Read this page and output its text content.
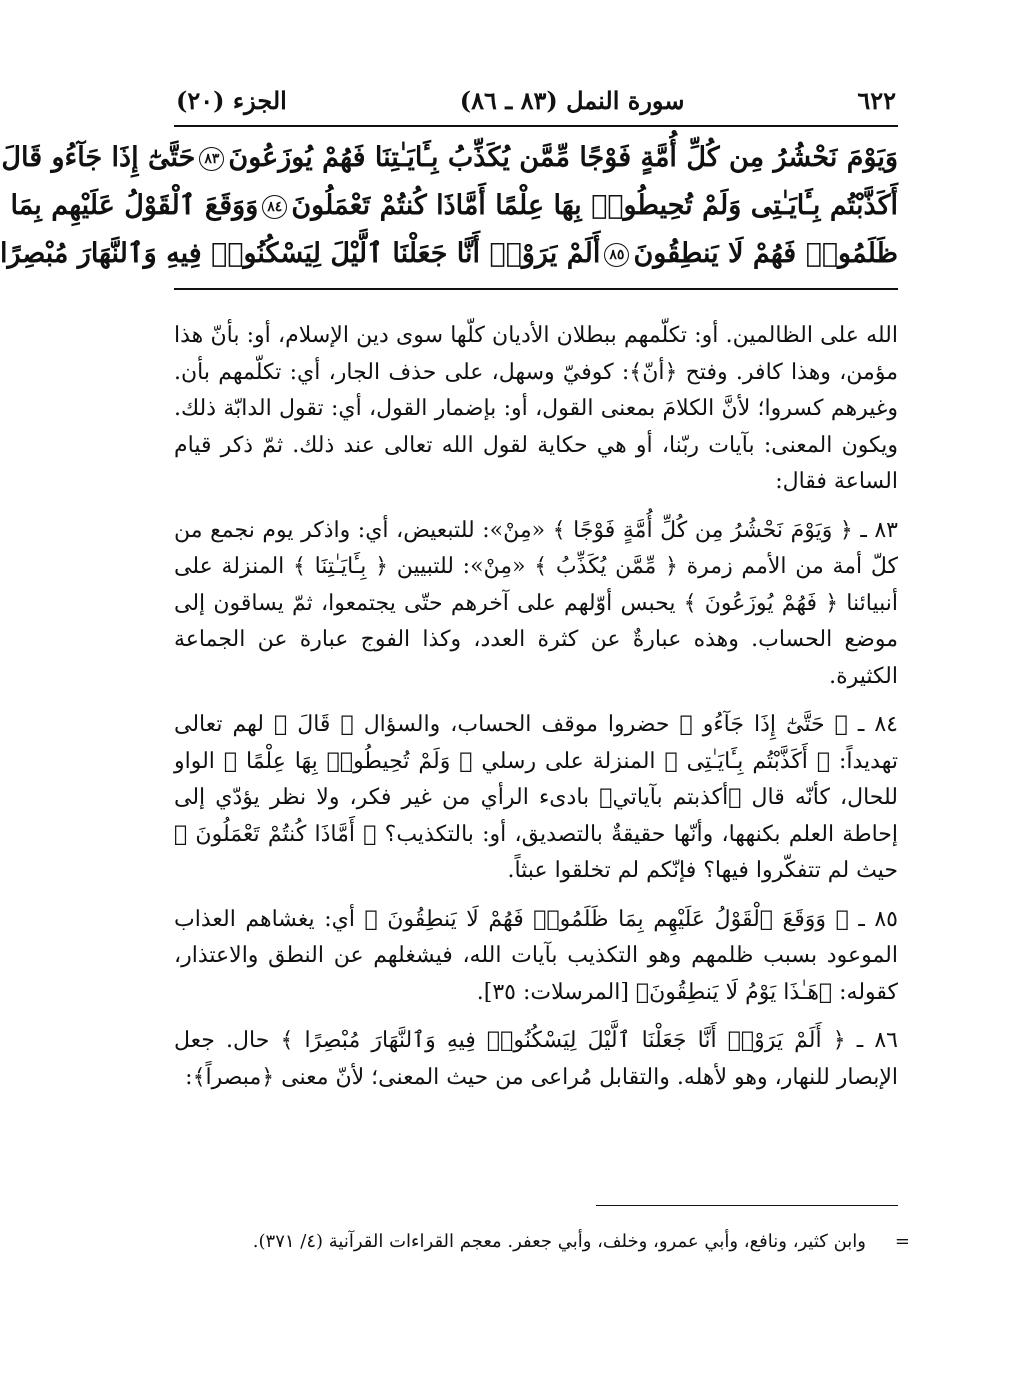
٦٢٢
سورة النمل (٨٣ ـ ٨٦)
الجزء (٢٠)
وَيَوْمَ نَحْشُرُ مِن كُلِّ أُمَّةٍ فَوْجًا مِّمَّن يُكَذِّبُ بِـَٔايَـٰتِنَا فَهُمْ يُوزَعُونَ٨٣حَتَّىٰٓ إِذَا جَآءُو قَالَ
أَكَذَّبْتُم بِـَٔايَـٰتِى وَلَمْ تُحِيطُوا۟ بِهَا عِلْمًا أَمَّاذَا كُنتُمْ تَعْمَلُونَ٨٤وَوَقَعَ ٱلْقَوْلُ عَلَيْهِم بِمَا
ظَلَمُوا۟ فَهُمْ لَا يَنطِقُونَ٨٥أَلَمْ يَرَوْا۟ أَنَّا جَعَلْنَا ٱلَّيْلَ لِيَسْكُنُوا۟ فِيهِ وَٱلنَّهَارَ مُبْصِرًا

الله على الظالمين. أو: تكلّمهم ببطلان الأديان كلّها سوى دين الإسلام، أو: بأنّ هذا مؤمن، وهذا كافر. وفتح ﴿أنّ﴾: كوفيّ وسهل، على حذف الجار، أي: تكلّمهم بأن. وغيرهم كسروا؛ لأنَّ الكلامَ بمعنى القول، أو: بإضمار القول، أي: تقول الدابّة ذلك. ويكون المعنى: بآيات ربّنا، أو هي حكاية لقول الله تعالى عند ذلك. ثمّ ذكر قيام الساعة فقال:

٨٣ ـ ﴿ وَيَوْمَ نَحْشُرُ مِن كُلِّ أُمَّةٍ فَوْجًا ﴾ «مِنْ»: للتبعيض، أي: واذكر يوم نجمع من كلّ أمة من الأمم زمرة ﴿ مِّمَّن يُكَذِّبُ ﴾ «مِنْ»: للتبيين ﴿ بِـَٔايَـٰتِنَا ﴾ المنزلة على أنبيائنا ﴿ فَهُمْ يُوزَعُونَ ﴾ يحبس أوّلهم على آخرهم حتّى يجتمعوا، ثمّ يساقون إلى موضع الحساب. وهذه عبارةٌ عن كثرة العدد، وكذا الفوج عبارة عن الجماعة الكثيرة.

٨٤ ـ ﴿ حَتَّىٰٓ إِذَا جَآءُو ﴾ حضروا موقف الحساب، والسؤال ﴿ قَالَ ﴾ لهم تعالى تهديداً: ﴿ أَكَذَّبْتُم بِـَٔايَـٰتِى ﴾ المنزلة على رسلي ﴿ وَلَمْ تُحِيطُوا۟ بِهَا عِلْمًا ﴾ الواو للحال، كأنّه قال ﴿أكذبتم بآياتي﴾ بادىء الرأي من غير فكر، ولا نظر يؤدّي إلى إحاطة العلم بكنهها، وأنّها حقيقةٌ بالتصديق، أو: بالتكذيب؟ ﴿ أَمَّاذَا كُنتُمْ تَعْمَلُونَ ﴾ حيث لم تتفكّروا فيها؟ فإنّكم لم تخلقوا عبثاً.

٨٥ ـ ﴿ وَوَقَعَ ٱلْقَوْلُ عَلَيْهِم بِمَا ظَلَمُوا۟ فَهُمْ لَا يَنطِقُونَ ﴾ أي: يغشاهم العذاب الموعود بسبب ظلمهم وهو التكذيب بآيات الله، فيشغلهم عن النطق والاعتذار، كقوله: ﴿هَـٰذَا يَوْمُ لَا يَنطِقُونَ﴾ [المرسلات: ٣٥].

٨٦ ـ ﴿ أَلَمْ يَرَوْا۟ أَنَّا جَعَلْنَا ٱلَّيْلَ لِيَسْكُنُوا۟ فِيهِ وَٱلنَّهَارَ مُبْصِرًا ﴾ حال. جعل الإبصار للنهار، وهو لأهله. والتقابل مُراعى من حيث المعنى؛ لأنّ معنى ﴿مبصراً﴾:

=
وابن كثير، ونافع، وأبي عمرو، وخلف، وأبي جعفر. معجم القراءات القرآنية (٤/ ٣٧١).
